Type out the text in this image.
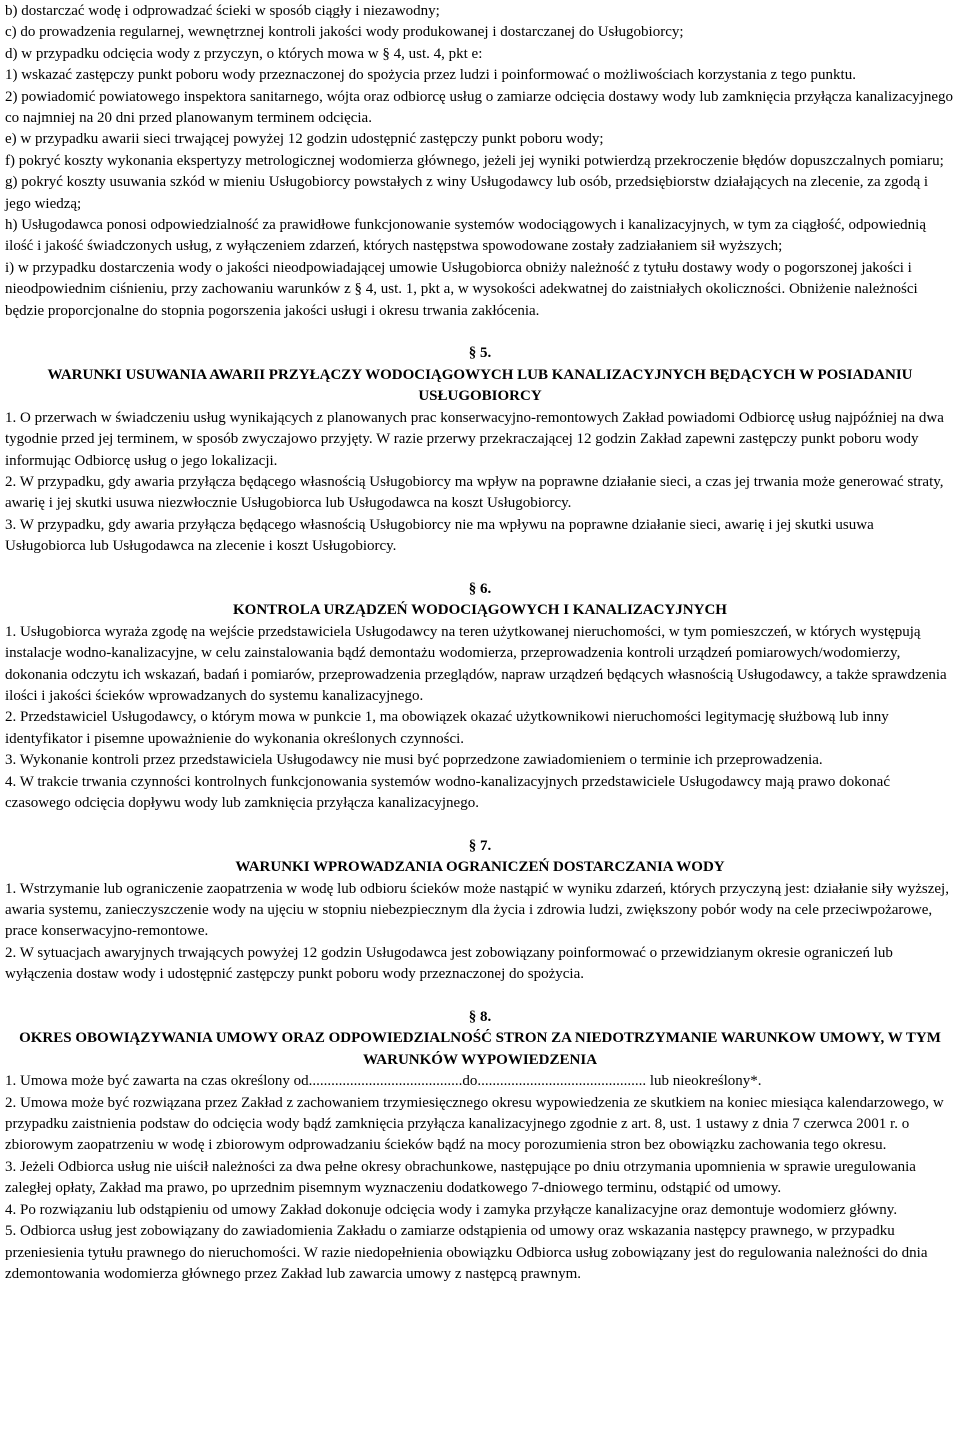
b) dostarczać wodę i odprowadzać ścieki w sposób ciągły i niezawodny;

c) do prowadzenia regularnej, wewnętrznej kontroli jakości wody produkowanej i dostarczanej do Usługobiorcy;

d) w przypadku odcięcia wody z przyczyn, o których mowa w § 4, ust. 4, pkt e:

1) wskazać zastępczy punkt poboru wody przeznaczonej do spożycia przez ludzi i poinformować o możliwościach korzystania z tego punktu.

2) powiadomić powiatowego inspektora sanitarnego, wójta oraz odbiorcę usług o zamiarze odcięcia dostawy wody lub zamknięcia przyłącza kanalizacyjnego co najmniej na 20 dni przed planowanym terminem odcięcia.

e) w przypadku awarii sieci trwającej powyżej 12 godzin udostępnić zastępczy punkt poboru wody;

f) pokryć koszty wykonania ekspertyzy metrologicznej wodomierza głównego, jeżeli jej wyniki potwierdzą przekroczenie błędów dopuszczalnych pomiaru;

g) pokryć koszty usuwania szkód w mieniu Usługobiorcy powstałych z winy Usługodawcy lub osób, przedsiębiorstw działających na zlecenie, za zgodą i jego wiedzą;

h) Usługodawca ponosi odpowiedzialność za prawidłowe funkcjonowanie systemów wodociągowych i kanalizacyjnych, w tym za ciągłość, odpowiednią ilość i jakość świadczonych usług, z wyłączeniem zdarzeń, których następstwa spowodowane zostały zadziałaniem sił wyższych;

i) w przypadku dostarczenia wody o jakości nieodpowiadającej umowie Usługobiorca obniży należność z tytułu dostawy wody o pogorszonej jakości i nieodpowiednim ciśnieniu, przy zachowaniu warunków z § 4, ust. 1, pkt a, w wysokości adekwatnej do zaistniałych okoliczności. Obniżenie należności będzie proporcjonalne do stopnia pogorszenia jakości usługi i okresu trwania zakłócenia.

§ 5.

WARUNKI USUWANIA AWARII PRZYŁĄCZY WODOCIĄGOWYCH LUB KANALIZACYJNYCH BĘDĄCYCH W POSIADANIU USŁUGOBIORCY

1. O przerwach w świadczeniu usług wynikających z planowanych prac konserwacyjno-remontowych Zakład powiadomi Odbiorcę usług najpóźniej na dwa tygodnie przed jej terminem, w sposób zwyczajowo przyjęty. W razie przerwy przekraczającej 12 godzin Zakład zapewni zastępczy punkt poboru wody informując Odbiorcę usług o jego lokalizacji.

2. W przypadku, gdy awaria przyłącza będącego własnością Usługobiorcy ma wpływ na poprawne działanie sieci, a czas jej trwania może generować straty, awarię i jej skutki usuwa niezwłocznie Usługobiorca lub Usługodawca na koszt Usługobiorcy.

3. W przypadku, gdy awaria przyłącza będącego własnością Usługobiorcy nie ma wpływu na poprawne działanie sieci, awarię i jej skutki usuwa Usługobiorca lub Usługodawca na zlecenie i koszt Usługobiorcy.

§ 6.

KONTROLA URZĄDZEŃ WODOCIĄGOWYCH I KANALIZACYJNYCH

1. Usługobiorca wyraża zgodę na wejście przedstawiciela Usługodawcy na teren użytkowanej nieruchomości, w tym pomieszczeń, w których występują instalacje wodno-kanalizacyjne, w celu zainstalowania bądź demontażu wodomierza, przeprowadzenia kontroli urządzeń pomiarowych/wodomierzy, dokonania odczytu ich wskazań, badań i pomiarów, przeprowadzenia przeglądów, napraw urządzeń będących własnością Usługodawcy, a także sprawdzenia ilości i jakości ścieków wprowadzanych do systemu kanalizacyjnego.

2. Przedstawiciel Usługodawcy, o którym mowa w punkcie 1, ma obowiązek okazać użytkownikowi nieruchomości legitymację służbową lub inny identyfikator i pisemne upoważnienie do wykonania określonych czynności.

3. Wykonanie kontroli przez przedstawiciela Usługodawcy nie musi być poprzedzone zawiadomieniem o terminie ich przeprowadzenia.

4. W trakcie trwania czynności kontrolnych funkcjonowania systemów wodno-kanalizacyjnych przedstawiciele Usługodawcy mają prawo dokonać czasowego odcięcia dopływu wody lub zamknięcia przyłącza kanalizacyjnego.

§ 7.

WARUNKI WPROWADZANIA OGRANICZEŃ DOSTARCZANIA WODY

1. Wstrzymanie lub ograniczenie zaopatrzenia w wodę lub odbioru ścieków może nastąpić w wyniku zdarzeń, których przyczyną jest: działanie siły wyższej, awaria systemu, zanieczyszczenie wody na ujęciu w stopniu niebezpiecznym dla życia i zdrowia ludzi, zwiększony pobór wody na cele przeciwpożarowe, prace konserwacyjno-remontowe.

2. W sytuacjach awaryjnych trwających powyżej 12 godzin Usługodawca jest zobowiązany poinformować o przewidzianym okresie ograniczeń lub wyłączenia dostaw wody i udostępnić zastępczy punkt poboru wody przeznaczonej do spożycia.

§ 8.

OKRES OBOWIĄZYWANIA UMOWY ORAZ ODPOWIEDZIALNOŚĆ STRON ZA NIEDOTRZYMANIE WARUNKOW UMOWY, W TYM WARUNKÓW WYPOWIEDZENIA

1. Umowa może być zawarta na czas określony od.........................................do............................................. lub nieokreślony*.

2. Umowa może być rozwiązana przez Zakład z zachowaniem trzymiesięcznego okresu wypowiedzenia ze skutkiem na koniec miesiąca kalendarzowego, w przypadku zaistnienia podstaw do odcięcia wody bądź zamknięcia przyłącza kanalizacyjnego zgodnie z art. 8, ust. 1 ustawy z dnia 7 czerwca 2001 r. o zbiorowym zaopatrzeniu w wodę i zbiorowym odprowadzaniu ścieków bądź na mocy porozumienia stron bez obowiązku zachowania tego okresu.

3. Jeżeli Odbiorca usług nie uiścił należności za dwa pełne okresy obrachunkowe, następujące po dniu otrzymania upomnienia w sprawie uregulowania zaległej opłaty, Zakład ma prawo, po uprzednim pisemnym wyznaczeniu dodatkowego 7-dniowego terminu, odstąpić od umowy.

4. Po rozwiązaniu lub odstąpieniu od umowy Zakład dokonuje odcięcia wody i zamyka przyłącze kanalizacyjne oraz demontuje wodomierz główny.

5. Odbiorca usług jest zobowiązany do zawiadomienia Zakładu o zamiarze odstąpienia od umowy oraz wskazania następcy prawnego, w przypadku przeniesienia tytułu prawnego do nieruchomości. W razie niedopełnienia obowiązku Odbiorca usług zobowiązany jest do regulowania należności do dnia zdemontowania wodomierza głównego przez Zakład lub zawarcia umowy z następcą prawnym.
